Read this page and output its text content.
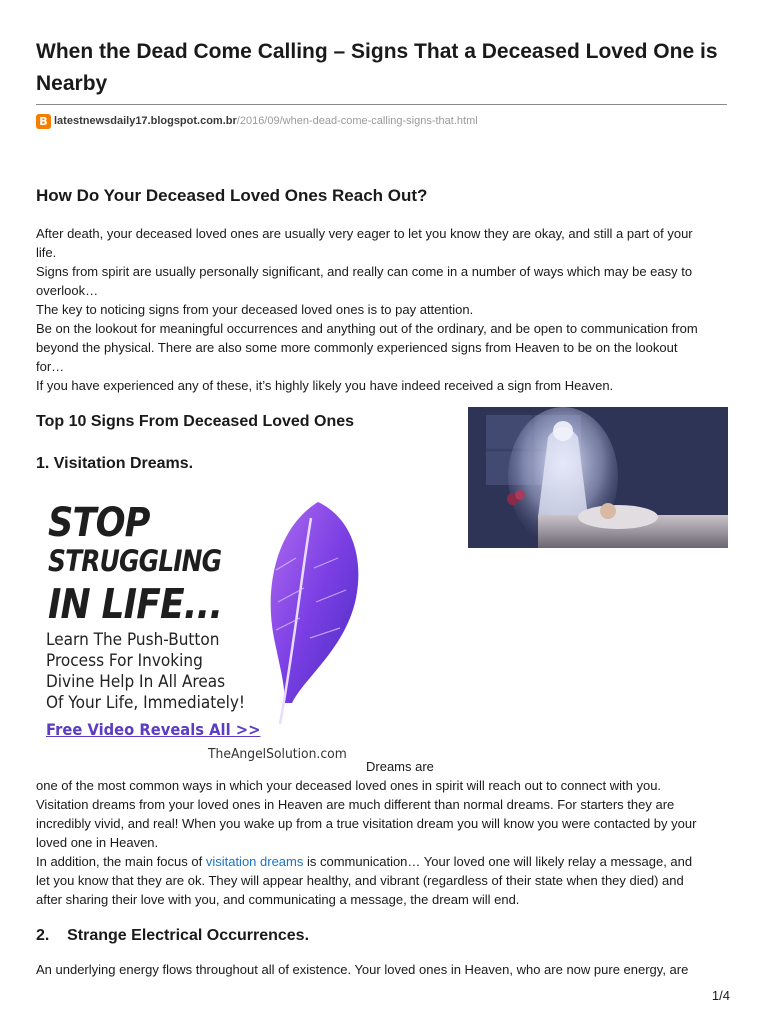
When the Dead Come Calling – Signs That a Deceased Loved One is Nearby
B latestnewsdaily17.blogspot.com.br /2016/09/when-dead-come-calling-signs-that.html
How Do Your Deceased Loved Ones Reach Out?
After death, your deceased loved ones are usually very eager to let you know they are okay, and still a part of your
life.
Signs from spirit are usually personally significant, and really can come in a number of ways which may be easy to
overlook…
The key to noticing signs from your deceased loved ones is to pay attention.
Be on the lookout for meaningful occurrences and anything out of the ordinary, and be open to communication from
beyond the physical. There are also some more commonly experienced signs from Heaven to be on the lookout
for…
If you have experienced any of these, it’s highly likely you have indeed received a sign from Heaven.
Top 10 Signs From Deceased Loved Ones
1. Visitation Dreams.
STOP
STRUGGLING
IN LIFE...
Learn The Push-Button
Process For Invoking
Divine Help In All Areas
Of Your Life, Immediately!
Free Video Reveals All >>
TheAngelSolution.com
Dreams are
one of the most common ways in which your deceased loved ones in spirit will reach out to connect with you.
Visitation dreams from your loved ones in Heaven are much different than normal dreams. For starters they are
incredibly vivid, and real! When you wake up from a true visitation dream you will know you were contacted by your
loved one in Heaven.
In addition, the main focus of visitation dreams is communication… Your loved one will likely relay a message, and
let you know that they are ok. They will appear healthy, and vibrant (regardless of their state when they died) and
after sharing their love with you, and communicating a message, the dream will end.
2.    Strange Electrical Occurrences.
An underlying energy flows throughout all of existence. Your loved ones in Heaven, who are now pure energy, are
1/4
